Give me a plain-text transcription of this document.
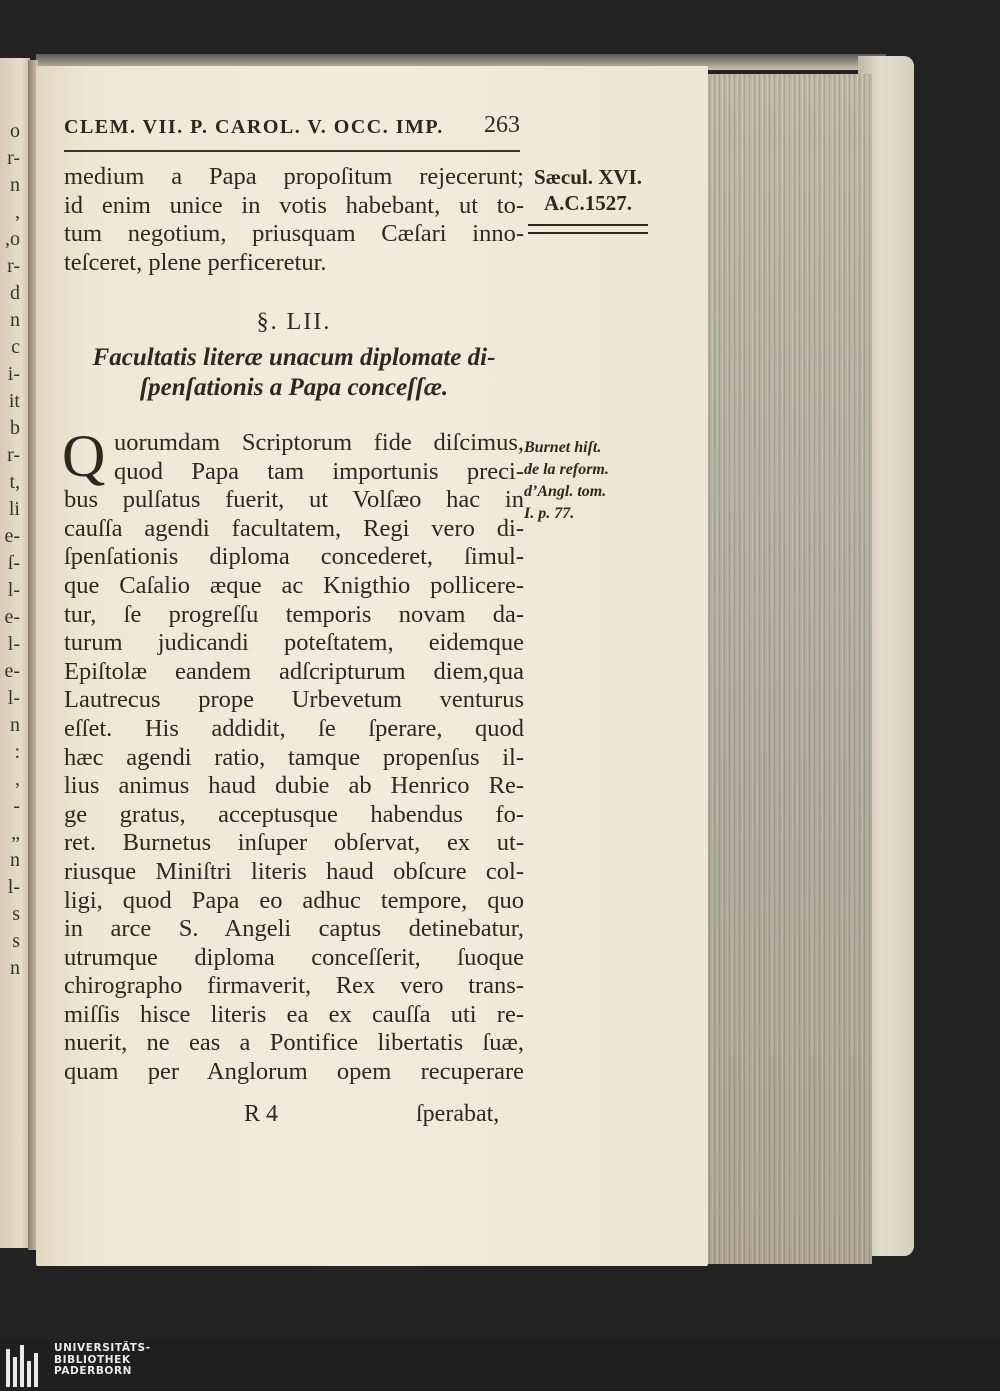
o
r-
n
,
,o
r-
d
n
c
i-
it
b
r-
t,
li
e-
ſ-
l-
e-
l-
e-
l-
n
:
,
-
„
n
l-
s
s
n
CLEM. VII. P. CAROL. V. OCC. IMP. 263
medium a Papa propoſitum rejecerunt;
id enim unice in votis habebant, ut to-
tum negotium, priusquam Cæſari inno-
teſceret, plene perficeretur.
Sæcul. XVI.
A.C.1527.
§. LII.
Facultatis literæ unacum diplomate di-
ſpenſationis a Papa conceſſæ.
Q uorumdam Scriptorum fide diſcimus,
quod Papa tam importunis preci-
bus pulſatus fuerit, ut Volſæo hac in
cauſſa agendi facultatem, Regi vero di-
ſpenſationis diploma concederet, ſimul-
que Caſalio æque ac Knigthio pollicere-
tur, ſe progreſſu temporis novam da-
turum judicandi poteſtatem, eidemque
Epiſtolæ eandem adſcripturum diem,qua
Lautrecus prope Urbevetum venturus
eſſet. His addidit, ſe ſperare, quod
hæc agendi ratio, tamque propenſus il-
lius animus haud dubie ab Henrico Re-
ge gratus, acceptusque habendus fo-
ret. Burnetus inſuper obſervat, ex ut-
riusque Miniſtri literis haud obſcure col-
ligi, quod Papa eo adhuc tempore, quo
in arce S. Angeli captus detinebatur,
utrumque diploma conceſſerit, ſuoque
chirographo firmaverit, Rex vero trans-
miſſis hisce literis ea ex cauſſa uti re-
nuerit, ne eas a Pontifice libertatis ſuæ,
quam per Anglorum opem recuperare
Burnet hiſt.
de la reform.
d’Angl. tom.
I. p. 77.
R 4	ſperabat,
UNIVERSITÄTS-
BIBLIOTHEK
PADERBORN
